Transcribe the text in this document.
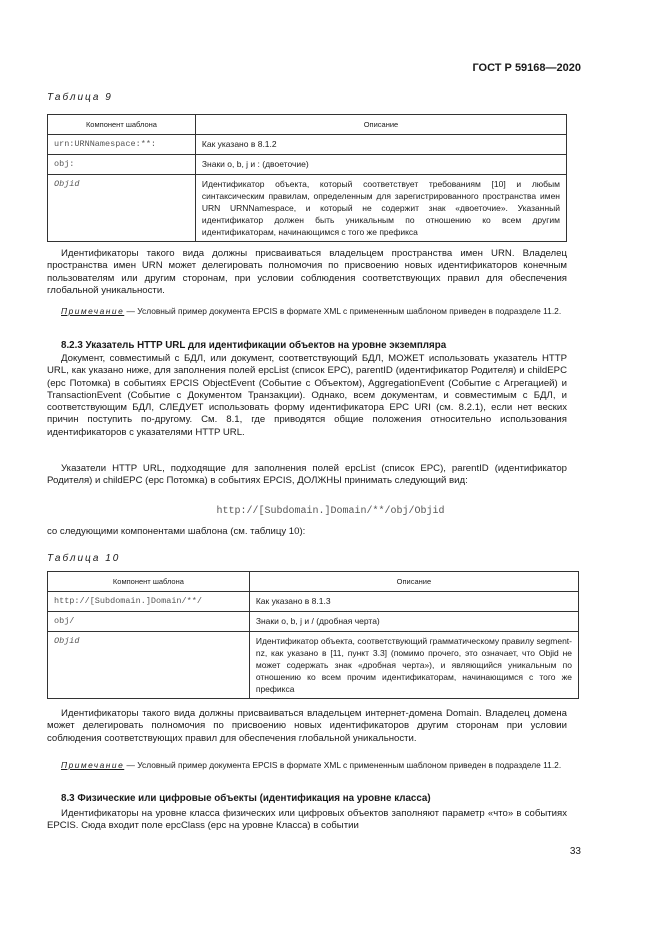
ГОСТ Р 59168—2020
Таблица 9
Компонент шаблона	Описание
urn:URNNamespace:**:	Как указано в 8.1.2
obj:	Знаки o, b, j и : (двоеточие)
Objid	Идентификатор объекта, который соответствует требованиям [10] и любым синтаксическим правилам, определенным для зарегистрированного пространства имен URN URNNamespace, и который не содержит знак «двоеточие». Указанный идентификатор должен быть уникальным по отношению ко всем другим идентификаторам, начинающимся с того же префикса
Идентификаторы такого вида должны присваиваться владельцем пространства имен URN. Владелец пространства имен URN может делегировать полномочия по присвоению новых идентификаторов конечным пользователям или другим сторонам, при условии соблюдения соответствующих правил для обеспечения глобальной уникальности.
Примечание — Условный пример документа EPCIS в формате XML с примененным шаблоном приведен в подразделе 11.2.
8.2.3 Указатель HTTP URL для идентификации объектов на уровне экземпляра
Документ, совместимый с БДЛ, или документ, соответствующий БДЛ, МОЖЕТ использовать указатель HTTP URL, как указано ниже, для заполнения полей epcList (список EPC), parentID (идентификатор Родителя) и childEPC (epc Потомка) в событиях EPCIS ObjectEvent (Событие с Объектом), AggregationEvent (Событие с Агрегацией) и TransactionEvent (Событие с Документом Транзакции). Однако, всем документам, и совместимым с БДЛ, и соответствующим БДЛ, СЛЕДУЕТ использовать форму идентификатора EPC URI (см. 8.2.1), если нет веских причин поступить по-другому. См. 8.1, где приводятся общие положения относительно использования идентификаторов с указателями HTTP URL.
Указатели HTTP URL, подходящие для заполнения полей epcList (список EPC), parentID (идентификатор Родителя) и childEPC (epc Потомка) в событиях EPCIS, ДОЛЖНЫ принимать следующий вид:
http://[Subdomain.]Domain/**/obj/Objid
со следующими компонентами шаблона (см. таблицу 10):
Таблица 10
Компонент шаблона	Описание
http://[Subdomain.]Domain/**/	Как указано в 8.1.3
obj/	Знаки o, b, j и / (дробная черта)
Objid	Идентификатор объекта, соответствующий грамматическому правилу segment-nz, как указано в [11, пункт 3.3] (помимо прочего, это означает, что Objid не может содержать знак «дробная черта»), и являющийся уникальным по отношению ко всем прочим идентификаторам, начинающимся с того же префикса
Идентификаторы такого вида должны присваиваться владельцем интернет-домена Domain. Владелец домена может делегировать полномочия по присвоению новых идентификаторов другим сторонам при условии соблюдения соответствующих правил для обеспечения глобальной уникальности.
Примечание — Условный пример документа EPCIS в формате XML с примененным шаблоном приведен в подразделе 11.2.
8.3 Физические или цифровые объекты (идентификация на уровне класса)
Идентификаторы на уровне класса физических или цифровых объектов заполняют параметр «что» в событиях EPCIS. Сюда входит поле epcClass (epc на уровне Класса) в событии
33
